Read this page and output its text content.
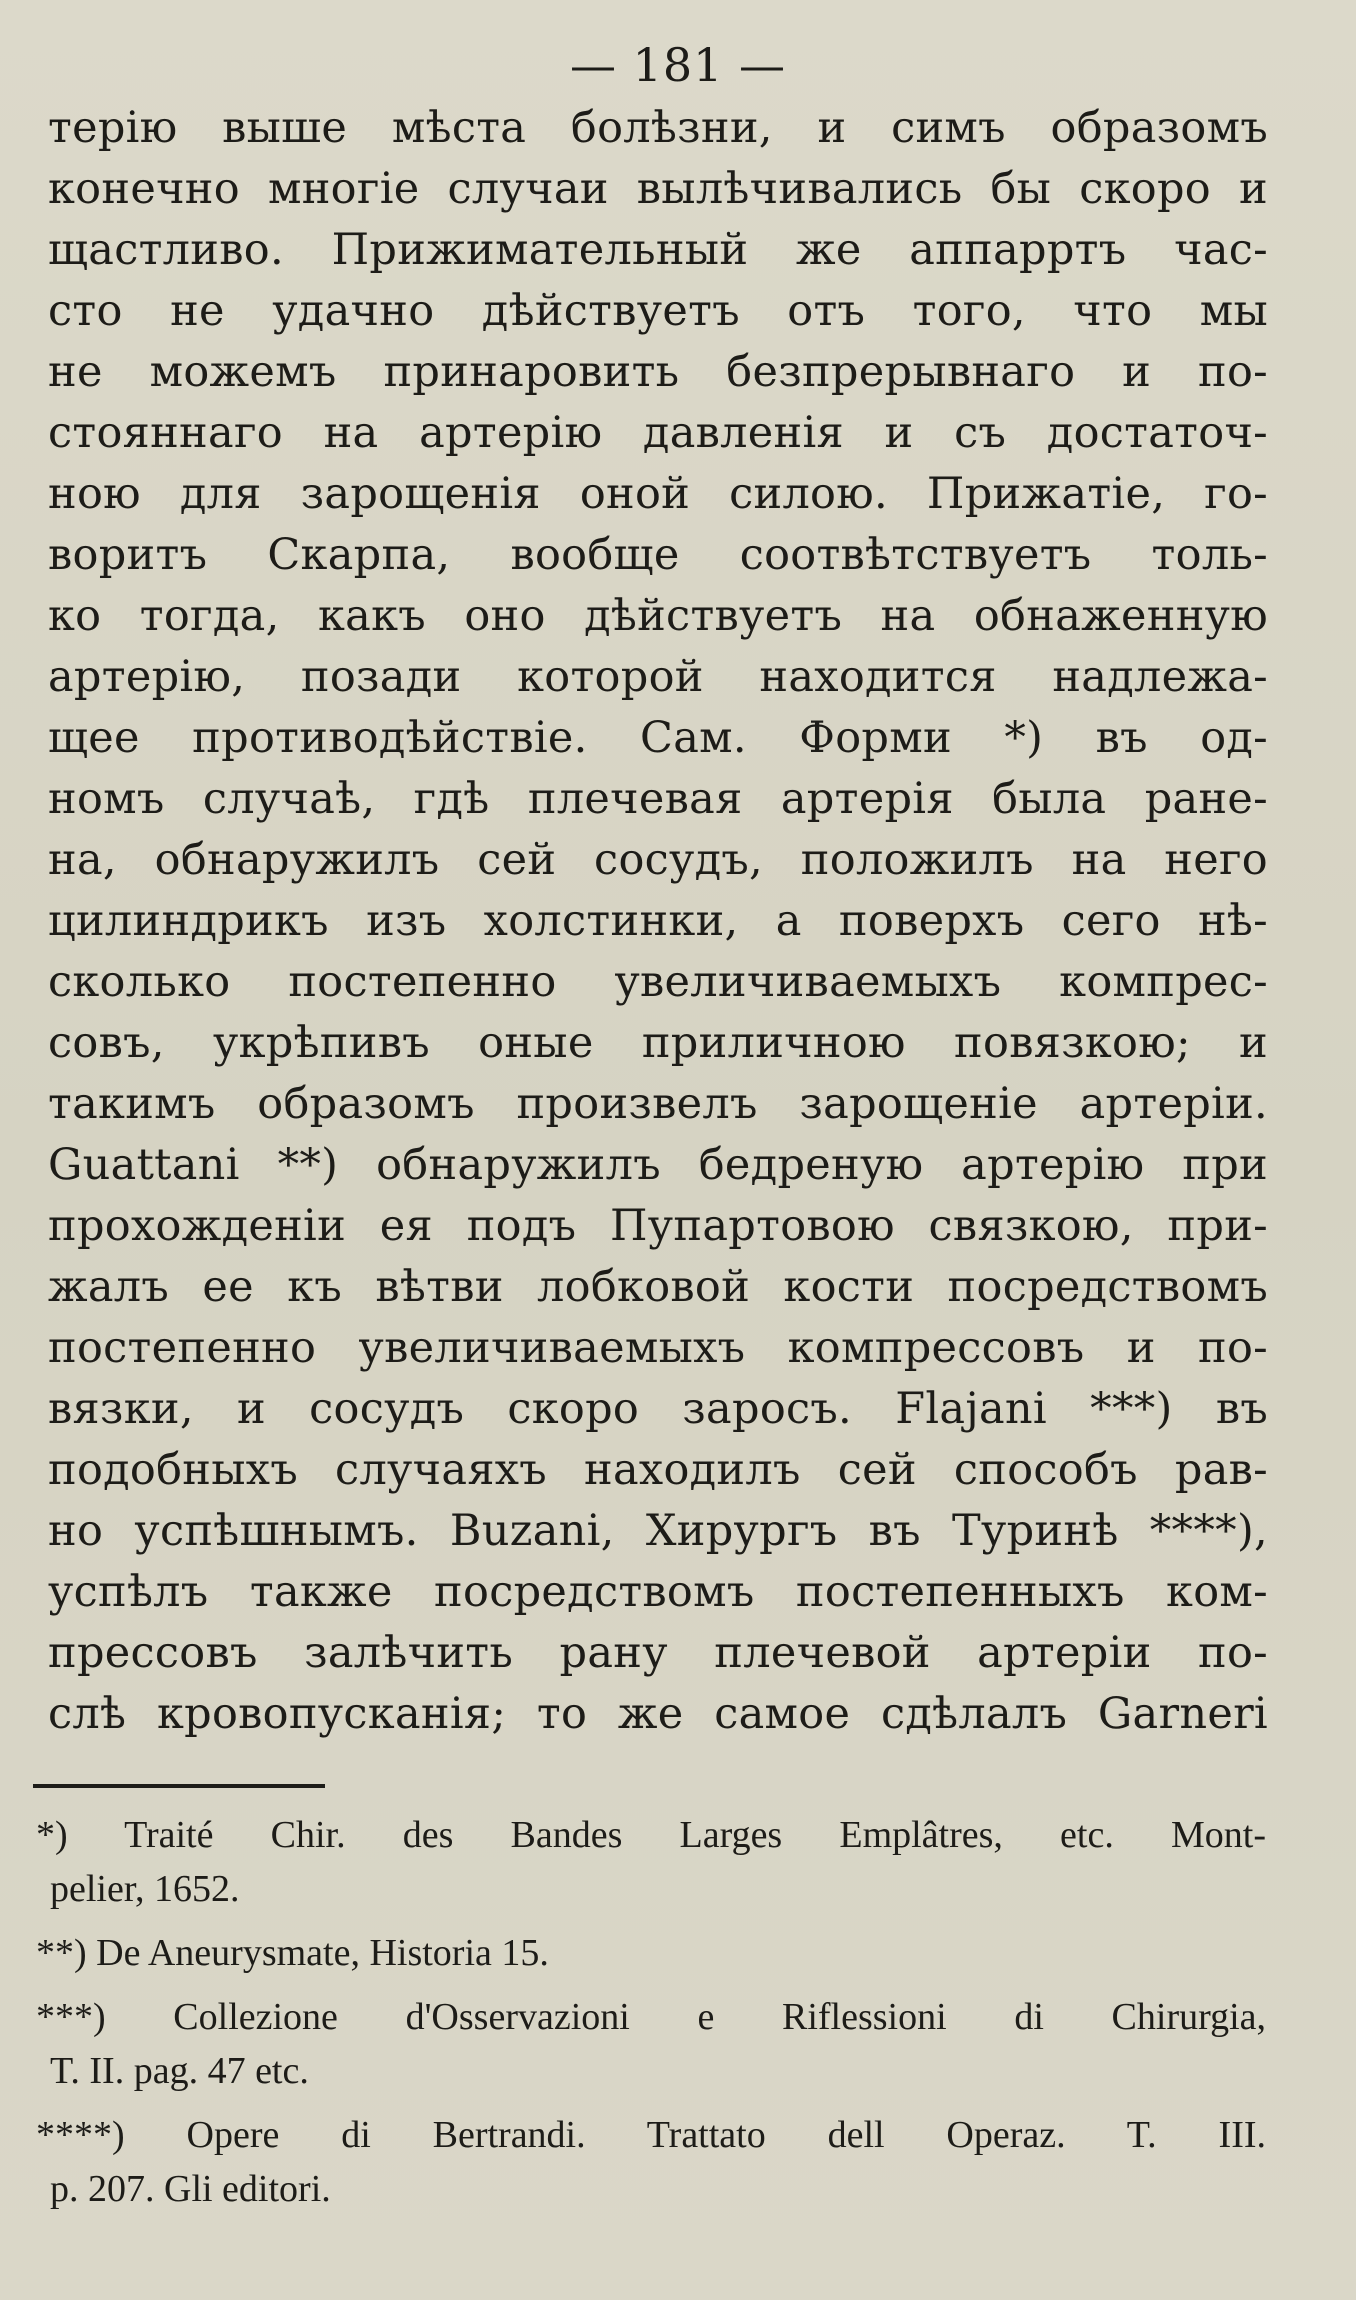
— 181 —
терію выше мѣста болѣзни, и симъ образомъ
конечно многіе случаи вылѣчивались бы скоро и
щастливо. Прижимательный же аппарртъ час-
сто не удачно дѣйствуетъ отъ того, что мы
не можемъ принаровить безпрерывнаго и по-
стояннаго на артерію давленія и съ достаточ-
ною для зарощенія оной силою. Прижатіе, го-
воритъ Скарпа, вообще соотвѣтствуетъ толь-
ко тогда, какъ оно дѣйствуетъ на обнаженную
артерію, позади которой находится надлежа-
щее противодѣйствіе. Сам. Форми *) въ од-
номъ случаѣ, гдѣ плечевая артерія была ране-
на, обнаружилъ сей сосудъ, положилъ на него
цилиндрикъ изъ холстинки, а поверхъ сего нѣ-
сколько постепенно увеличиваемыхъ компрес-
совъ, укрѣпивъ оные приличною повязкою; и
такимъ образомъ произвелъ зарощеніе артеріи.
Guattani **) обнаружилъ бедреную артерію при
прохожденіи ея подъ Пупартовою связкою, при-
жалъ ее къ вѣтви лобковой кости посредствомъ
постепенно увеличиваемыхъ компрессовъ и по-
вязки, и сосудъ скоро заросъ. Flajani ***) въ
подобныхъ случаяхъ находилъ сей способъ рав-
но успѣшнымъ. Buzani, Хирургъ въ Туринѣ ****),
успѣлъ также посредствомъ постепенныхъ ком-
прессовъ залѣчить рану плечевой артеріи по-
слѣ кровопусканія; то же самое сдѣлалъ Garneri
*) Traité Chir. des Bandes Larges Emplâtres, etc. Mont-
pelier, 1652.
**) De Aneurysmate, Historia 15.
***) Collezione d'Osservazioni e Riflessioni di Chirurgia,
T. II. pag. 47 etc.
****) Opere di Bertrandi. Trattato dell Operaz. T. III.
p. 207. Gli editori.
